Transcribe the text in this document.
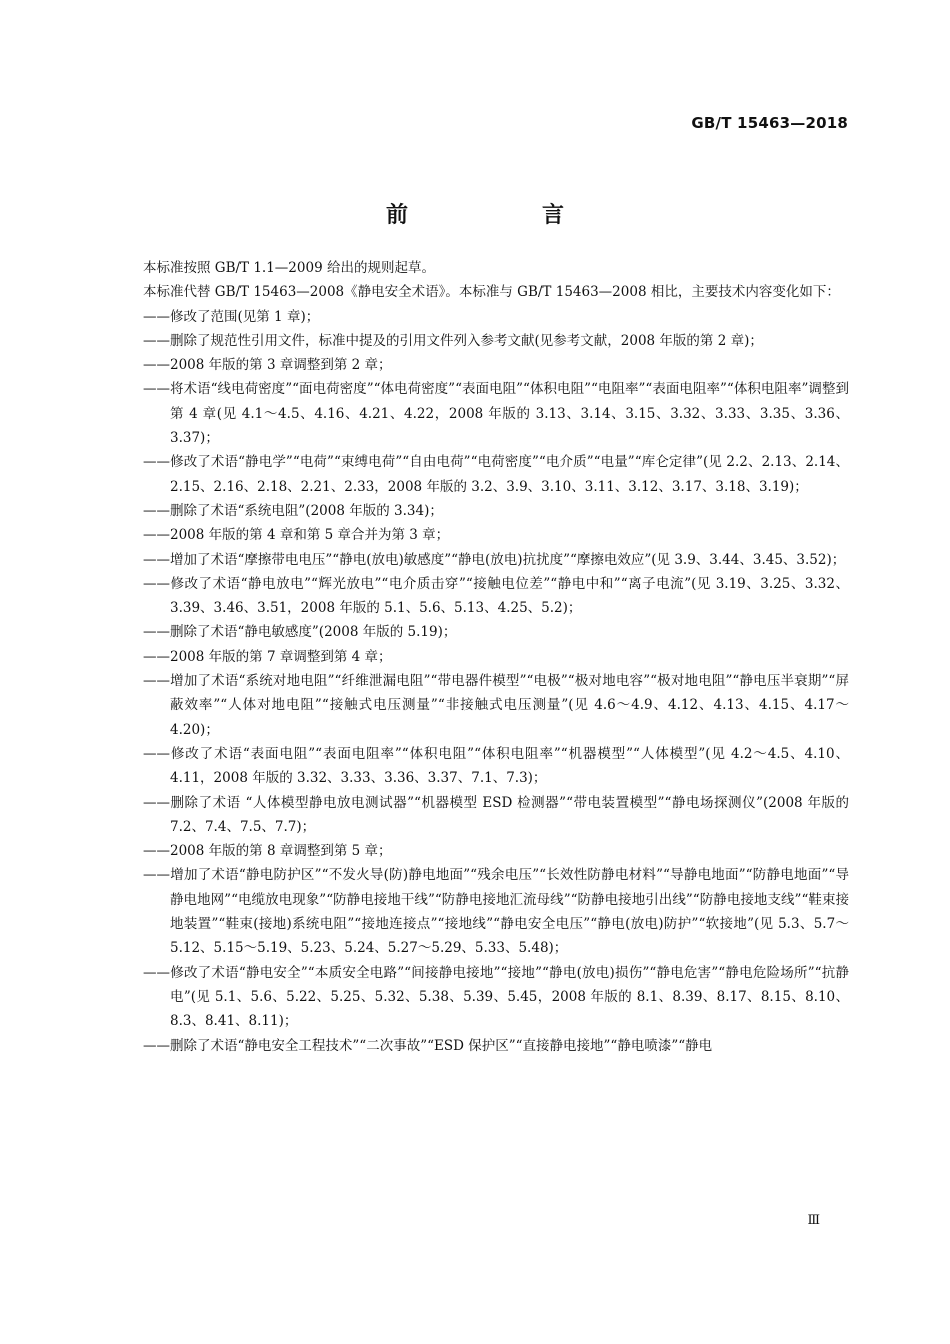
GB/T 15463—2018
前　言

本标准按照 GB/T 1.1—2009 给出的规则起草。

本标准代替 GB/T 15463—2008《静电安全术语》。本标准与 GB/T 15463—2008 相比，主要技术内容变化如下：

——修改了范围(见第 1 章)；

——删除了规范性引用文件，标准中提及的引用文件列入参考文献(见参考文献，2008 年版的第 2 章)；

——2008 年版的第 3 章调整到第 2 章；

——将术语“线电荷密度”“面电荷密度”“体电荷密度”“表面电阻”“体积电阻”“电阻率”“表面电阻率”“体积电阻率”调整到第 4 章(见 4.1～4.5、4.16、4.21、4.22，2008 年版的 3.13、3.14、3.15、3.32、3.33、3.35、3.36、3.37)；

——修改了术语“静电学”“电荷”“束缚电荷”“自由电荷”“电荷密度”“电介质”“电量”“库仑定律”(见 2.2、2.13、2.14、2.15、2.16、2.18、2.21、2.33，2008 年版的 3.2、3.9、3.10、3.11、3.12、3.17、3.18、3.19)；

——删除了术语“系统电阻”(2008 年版的 3.34)；

——2008 年版的第 4 章和第 5 章合并为第 3 章；

——增加了术语“摩擦带电电压”“静电(放电)敏感度”“静电(放电)抗扰度”“摩擦电效应”(见 3.9、3.44、3.45、3.52)；

——修改了术语“静电放电”“辉光放电”“电介质击穿”“接触电位差”“静电中和”“离子电流”(见 3.19、3.25、3.32、3.39、3.46、3.51，2008 年版的 5.1、5.6、5.13、4.25、5.2)；

——删除了术语“静电敏感度”(2008 年版的 5.19)；

——2008 年版的第 7 章调整到第 4 章；

——增加了术语“系统对地电阻”“纤维泄漏电阻”“带电器件模型”“电极”“极对地电容”“极对地电阻”“静电压半衰期”“屏蔽效率”“人体对地电阻”“接触式电压测量”“非接触式电压测量”(见 4.6～4.9、4.12、4.13、4.15、4.17～4.20)；

——修改了术语“表面电阻”“表面电阻率”“体积电阻”“体积电阻率”“机器模型”“人体模型”(见 4.2～4.5、4.10、4.11，2008 年版的 3.32、3.33、3.36、3.37、7.1、7.3)；

——删除了术语 “人体模型静电放电测试器”“机器模型 ESD 检测器”“带电装置模型”“静电场探测仪”(2008 年版的 7.2、7.4、7.5、7.7)；

——2008 年版的第 8 章调整到第 5 章；

——增加了术语“静电防护区”“不发火导(防)静电地面”“残余电压”“长效性防静电材料”“导静电地面”“防静电地面”“导静电地网”“电缆放电现象”“防静电接地干线”“防静电接地汇流母线”“防静电接地引出线”“防静电接地支线”“鞋束接地装置”“鞋束(接地)系统电阻”“接地连接点”“接地线”“静电安全电压”“静电(放电)防护”“软接地”(见 5.3、5.7～5.12、5.15～5.19、5.23、5.24、5.27～5.29、5.33、5.48)；

——修改了术语“静电安全”“本质安全电路”“间接静电接地”“接地”“静电(放电)损伤”“静电危害”“静电危险场所”“抗静电”(见 5.1、5.6、5.22、5.25、5.32、5.38、5.39、5.45，2008 年版的 8.1、8.39、8.17、8.15、8.10、8.3、8.41、8.11)；

——删除了术语“静电安全工程技术”“二次事故”“ESD 保护区”“直接静电接地”“静电喷漆”“静电

Ⅲ
